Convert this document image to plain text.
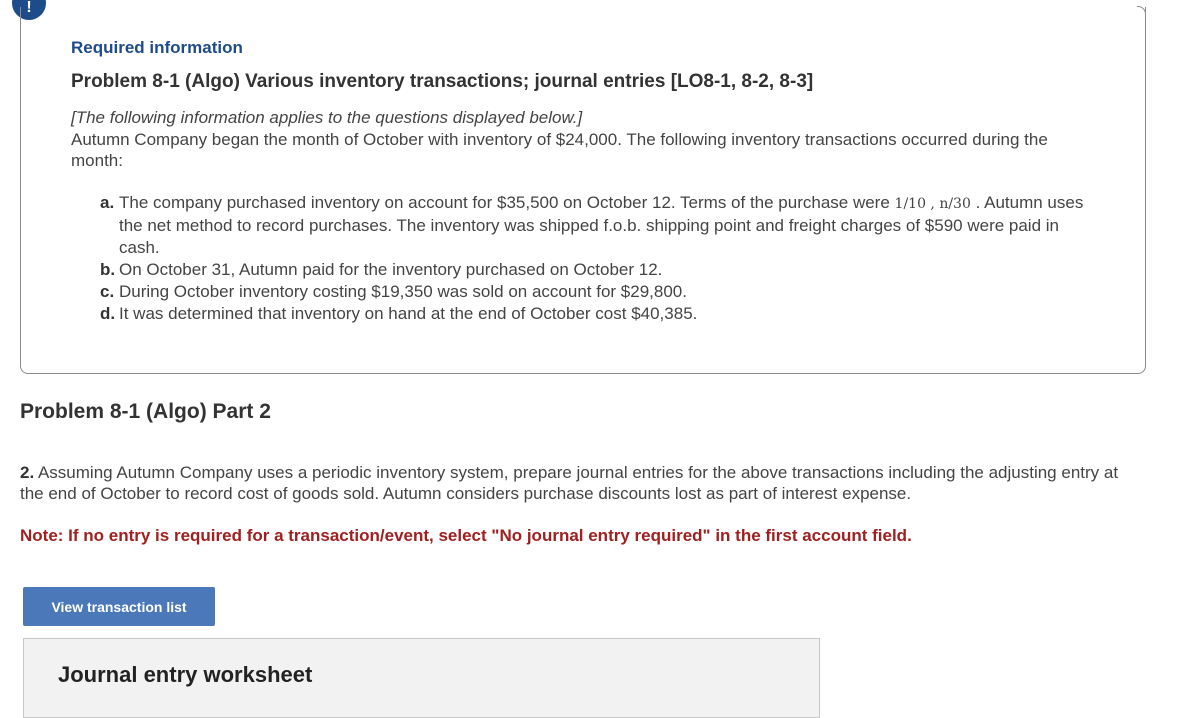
!
Required information
Problem 8-1 (Algo) Various inventory transactions; journal entries [LO8-1, 8-2, 8-3]
[The following information applies to the questions displayed below.]
Autumn Company began the month of October with inventory of $24,000. The following inventory transactions occurred during the month:
a. The company purchased inventory on account for $35,500 on October 12. Terms of the purchase were 1/10 , n/30 . Autumn uses the net method to record purchases. The inventory was shipped f.o.b. shipping point and freight charges of $590 were paid in cash.
b. On October 31, Autumn paid for the inventory purchased on October 12.
c. During October inventory costing $19,350 was sold on account for $29,800.
d. It was determined that inventory on hand at the end of October cost $40,385.
Problem 8-1 (Algo) Part 2
2. Assuming Autumn Company uses a periodic inventory system, prepare journal entries for the above transactions including the adjusting entry at the end of October to record cost of goods sold. Autumn considers purchase discounts lost as part of interest expense.
Note: If no entry is required for a transaction/event, select "No journal entry required" in the first account field.
View transaction list
Journal entry worksheet
